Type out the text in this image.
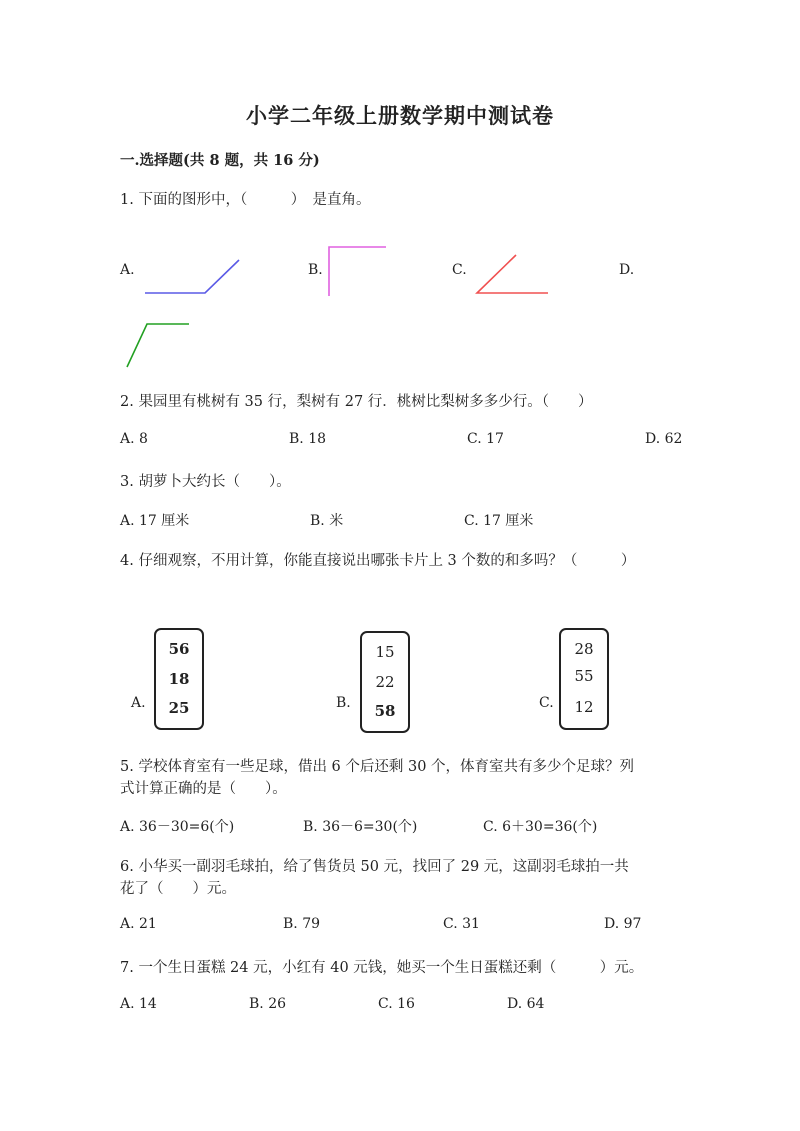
小学二年级上册数学期中测试卷
一.选择题(共 8 题，共 16 分)
1. 下面的图形中，（　　　）　是直角。
A.	B.	C.	D.
2. 果园里有桃树有 35 行，梨树有 27 行．桃树比梨树多多少行。（　　）
A. 8	B. 18	C. 17	D. 62
3. 胡萝卜大约长（　　）。
A. 17 厘米	B. 米	C. 17 厘米
4. 仔细观察，不用计算，你能直接说出哪张卡片上 3 个数的和多吗？（　　　）
A.
56
18
25	B.
15
22
58	C.
28
55
12
5. 学校体育室有一些足球，借出 6 个后还剩 30 个，体育室共有多少个足球？列
式计算正确的是（　　）。
A. 36－30=6(个)	B. 36－6=30(个)	C. 6＋30=36(个)
6. 小华买一副羽毛球拍，给了售货员 50 元，找回了 29 元，这副羽毛球拍一共
花了（　　）元。
A. 21	B. 79	C. 31	D. 97
7. 一个生日蛋糕 24 元，小红有 40 元钱，她买一个生日蛋糕还剩（　　　）元。
A. 14	B. 26	C. 16	D. 64
